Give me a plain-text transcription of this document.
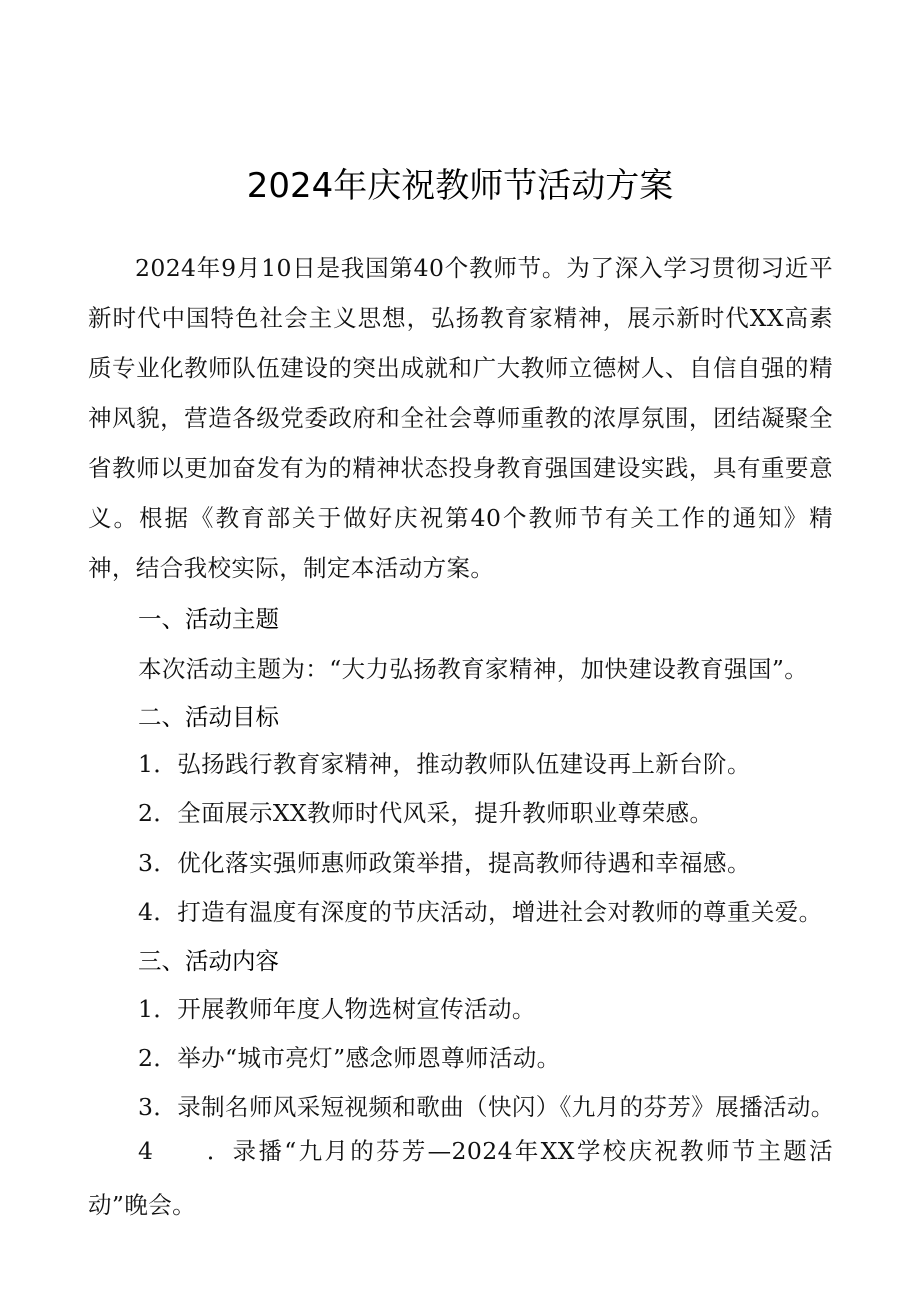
2024年庆祝教师节活动方案
2024年9月10日是我国第40个教师节。为了深入学习贯彻习近平新时代中国特色社会主义思想，弘扬教育家精神，展示新时代XX高素质专业化教师队伍建设的突出成就和广大教师立德树人、自信自强的精神风貌，营造各级党委政府和全社会尊师重教的浓厚氛围，团结凝聚全省教师以更加奋发有为的精神状态投身教育强国建设实践，具有重要意义。根据《教育部关于做好庆祝第40个教师节有关工作的通知》精神，结合我校实际，制定本活动方案。
一、活动主题
本次活动主题为：“大力弘扬教育家精神，加快建设教育强国”。
二、活动目标
1．弘扬践行教育家精神，推动教师队伍建设再上新台阶。
2．全面展示XX教师时代风采，提升教师职业尊荣感。
3．优化落实强师惠师政策举措，提高教师待遇和幸福感。
4．打造有温度有深度的节庆活动，增进社会对教师的尊重关爱。
三、活动内容
1．开展教师年度人物选树宣传活动。
2．举办“城市亮灯”感念师恩尊师活动。
3．录制名师风采短视频和歌曲（快闪）《九月的芬芳》展播活动。
4　　．录播“九月的芬芳—2024年XX学校庆祝教师节主题活动”晚会。
